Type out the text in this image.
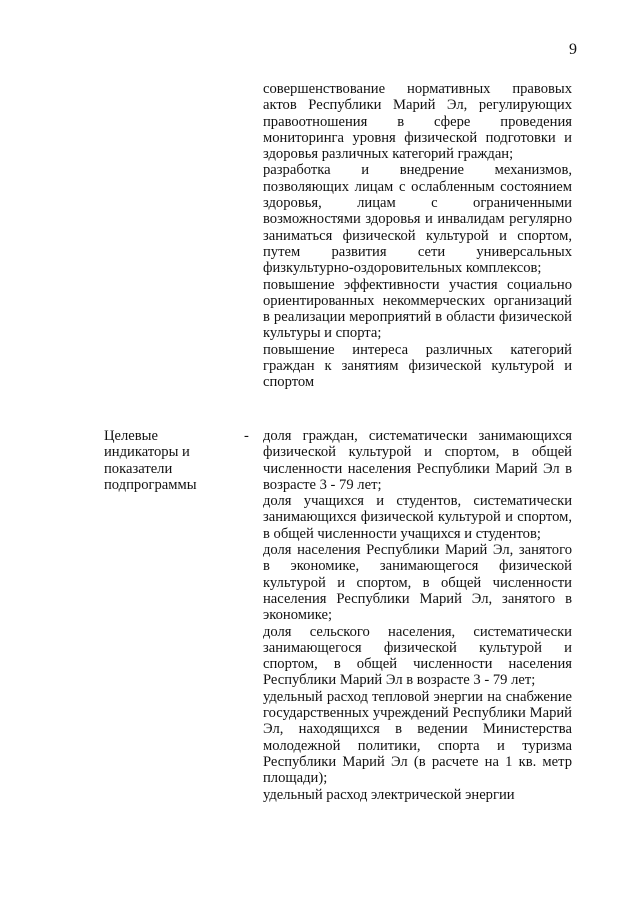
9

совершенствование нормативных правовых актов Республики Марий Эл, регулирующих правоотношения в сфере проведения мониторинга уровня физической подготовки и здоровья различных категорий граждан;

разработка и внедрение механизмов, позволяющих лицам с ослабленным состоянием здоровья, лицам с ограниченными возможностями здоровья и инвалидам регулярно заниматься физической культурой и спортом, путем развития сети универсальных физкультурно-оздоровительных комплексов;

повышение эффективности участия социально ориентированных некоммерческих организаций в реализации мероприятий в области физической культуры и спорта;

повышение интереса различных категорий граждан к занятиям физической культурой и спортом

Целевые индикаторы и показатели подпрограммы
- доля граждан, систематически занимающихся физической культурой и спортом, в общей численности населения Республики Марий Эл в возрасте 3 - 79 лет;

доля учащихся и студентов, систематически занимающихся физической культурой и спортом, в общей численности учащихся и студентов;

доля населения Республики Марий Эл, занятого в экономике, занимающегося физической культурой и спортом, в общей численности населения Республики Марий Эл, занятого в экономике;

доля сельского населения, систематически занимающегося физической культурой и спортом, в общей численности населения Республики Марий Эл в возрасте 3 - 79 лет;

удельный расход тепловой энергии на снабжение государственных учреждений Республики Марий Эл, находящихся в ведении Министерства молодежной политики, спорта и туризма Республики Марий Эл (в расчете на 1 кв. метр площади);

удельный расход электрической энергии
